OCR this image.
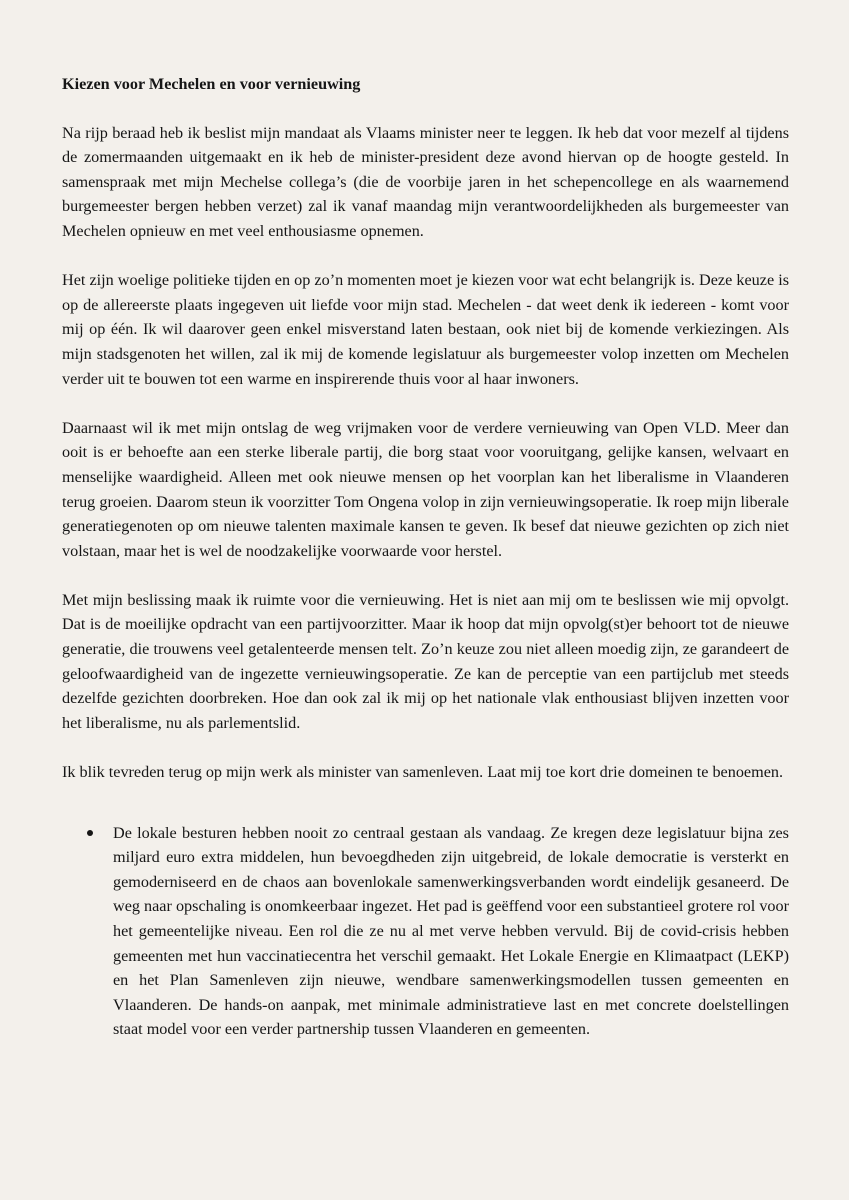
Kiezen voor Mechelen en voor vernieuwing

Na rijp beraad heb ik beslist mijn mandaat als Vlaams minister neer te leggen. Ik heb dat voor mezelf al tijdens de zomermaanden uitgemaakt en ik heb de minister-president deze avond hiervan op de hoogte gesteld. In samenspraak met mijn Mechelse collega’s (die de voorbije jaren in het schepencollege en als waarnemend burgemeester bergen hebben verzet) zal ik vanaf maandag mijn verantwoordelijkheden als burgemeester van Mechelen opnieuw en met veel enthousiasme opnemen.

Het zijn woelige politieke tijden en op zo’n momenten moet je kiezen voor wat echt belangrijk is. Deze keuze is op de allereerste plaats ingegeven uit liefde voor mijn stad. Mechelen - dat weet denk ik iedereen - komt voor mij op één. Ik wil daarover geen enkel misverstand laten bestaan, ook niet bij de komende verkiezingen. Als mijn stadsgenoten het willen, zal ik mij de komende legislatuur als burgemeester volop inzetten om Mechelen verder uit te bouwen tot een warme en inspirerende thuis voor al haar inwoners.

Daarnaast wil ik met mijn ontslag de weg vrijmaken voor de verdere vernieuwing van Open VLD. Meer dan ooit is er behoefte aan een sterke liberale partij, die borg staat voor vooruitgang, gelijke kansen, welvaart en menselijke waardigheid. Alleen met ook nieuwe mensen op het voorplan kan het liberalisme in Vlaanderen terug groeien. Daarom steun ik voorzitter Tom Ongena volop in zijn vernieuwingsoperatie. Ik roep mijn liberale generatiegenoten op om nieuwe talenten maximale kansen te geven. Ik besef dat nieuwe gezichten op zich niet volstaan, maar het is wel de noodzakelijke voorwaarde voor herstel.

Met mijn beslissing maak ik ruimte voor die vernieuwing. Het is niet aan mij om te beslissen wie mij opvolgt. Dat is de moeilijke opdracht van een partijvoorzitter. Maar ik hoop dat mijn opvolg(st)er behoort tot de nieuwe generatie, die trouwens veel getalenteerde mensen telt. Zo’n keuze zou niet alleen moedig zijn, ze garandeert de geloofwaardigheid van de ingezette vernieuwingsoperatie. Ze kan de perceptie van een partijclub met steeds dezelfde gezichten doorbreken. Hoe dan ook zal ik mij op het nationale vlak enthousiast blijven inzetten voor het liberalisme, nu als parlementslid.

Ik blik tevreden terug op mijn werk als minister van samenleven. Laat mij toe kort drie domeinen te benoemen.

De lokale besturen hebben nooit zo centraal gestaan als vandaag. Ze kregen deze legislatuur bijna zes miljard euro extra middelen, hun bevoegdheden zijn uitgebreid, de lokale democratie is versterkt en gemoderniseerd en de chaos aan bovenlokale samenwerkingsverbanden wordt eindelijk gesaneerd. De weg naar opschaling is onomkeerbaar ingezet. Het pad is geëffend voor een substantieel grotere rol voor het gemeentelijke niveau. Een rol die ze nu al met verve hebben vervuld. Bij de covid-crisis hebben gemeenten met hun vaccinatiecentra het verschil gemaakt. Het Lokale Energie en Klimaatpact (LEKP) en het Plan Samenleven zijn nieuwe, wendbare samenwerkingsmodellen tussen gemeenten en Vlaanderen. De hands-on aanpak, met minimale administratieve last en met concrete doelstellingen staat model voor een verder partnership tussen Vlaanderen en gemeenten.
